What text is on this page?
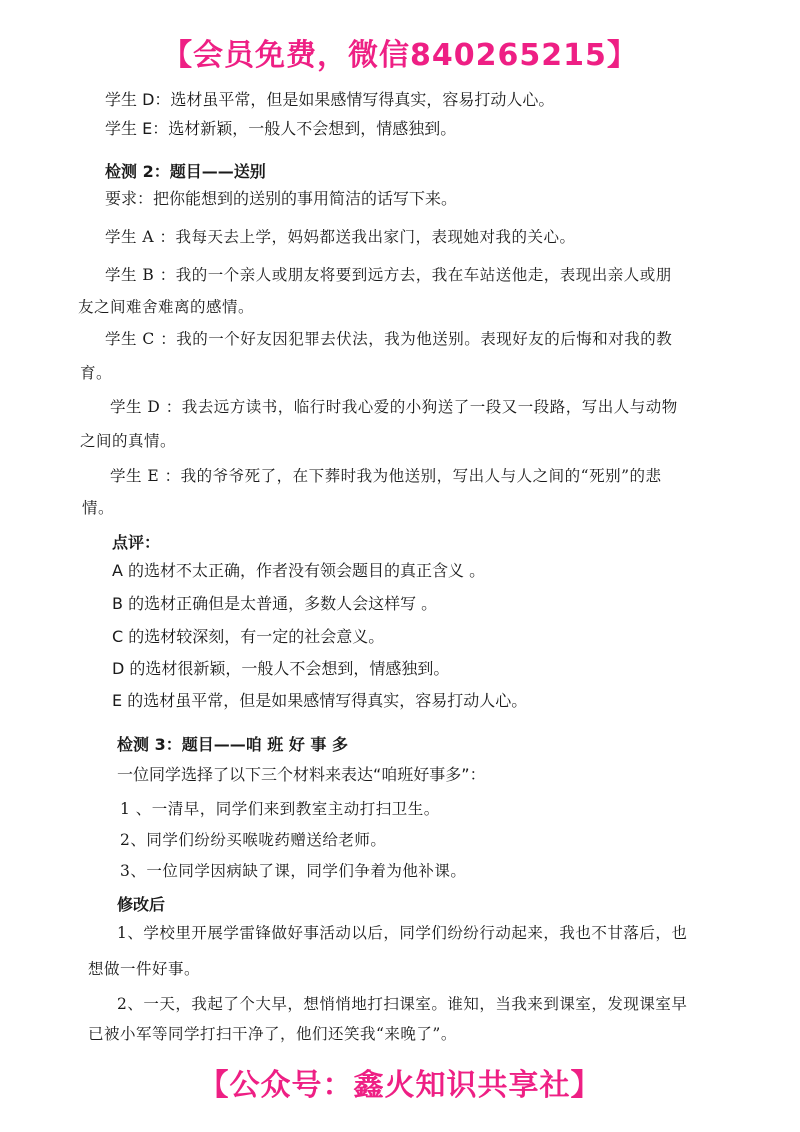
【会员免费，微信840265215】
学生 D：选材虽平常，但是如果感情写得真实，容易打动人心。
学生 E：选材新颖，一般人不会想到，情感独到。
检测 2：题目——送别
要求：把你能想到的送别的事用简洁的话写下来。
学生 A ：我每天去上学，妈妈都送我出家门，表现她对我的关心。
学生 B ：我的一个亲人或朋友将要到远方去，我在车站送他走，表现出亲人或朋
友之间难舍难离的感情。
学生 C ：我的一个好友因犯罪去伏法，我为他送别。表现好友的后悔和对我的教
育。
学生 D ：我去远方读书，临行时我心爱的小狗送了一段又一段路，写出人与动物
之间的真情。
学生 E ：我的爷爷死了，在下葬时我为他送别，写出人与人之间的“死别”的悲
情。
点评：
A 的选材不太正确，作者没有领会题目的真正含义 。
B 的选材正确但是太普通，多数人会这样写 。
C 的选材较深刻，有一定的社会意义。
D 的选材很新颖，一般人不会想到，情感独到。
E 的选材虽平常，但是如果感情写得真实，容易打动人心。
检测 3：题目——咱 班 好 事 多
一位同学选择了以下三个材料来表达“咱班好事多”：
1 、一清早，同学们来到教室主动打扫卫生。
2、同学们纷纷买喉咙药赠送给老师。
3、一位同学因病缺了课，同学们争着为他补课。
修改后
1、学校里开展学雷锋做好事活动以后，同学们纷纷行动起来，我也不甘落后，也
想做一件好事。
2、一天，我起了个大早，想悄悄地打扫课室。谁知，当我来到课室，发现课室早
已被小军等同学打扫干净了，他们还笑我“来晚了”。
【公众号：鑫火知识共享社】
